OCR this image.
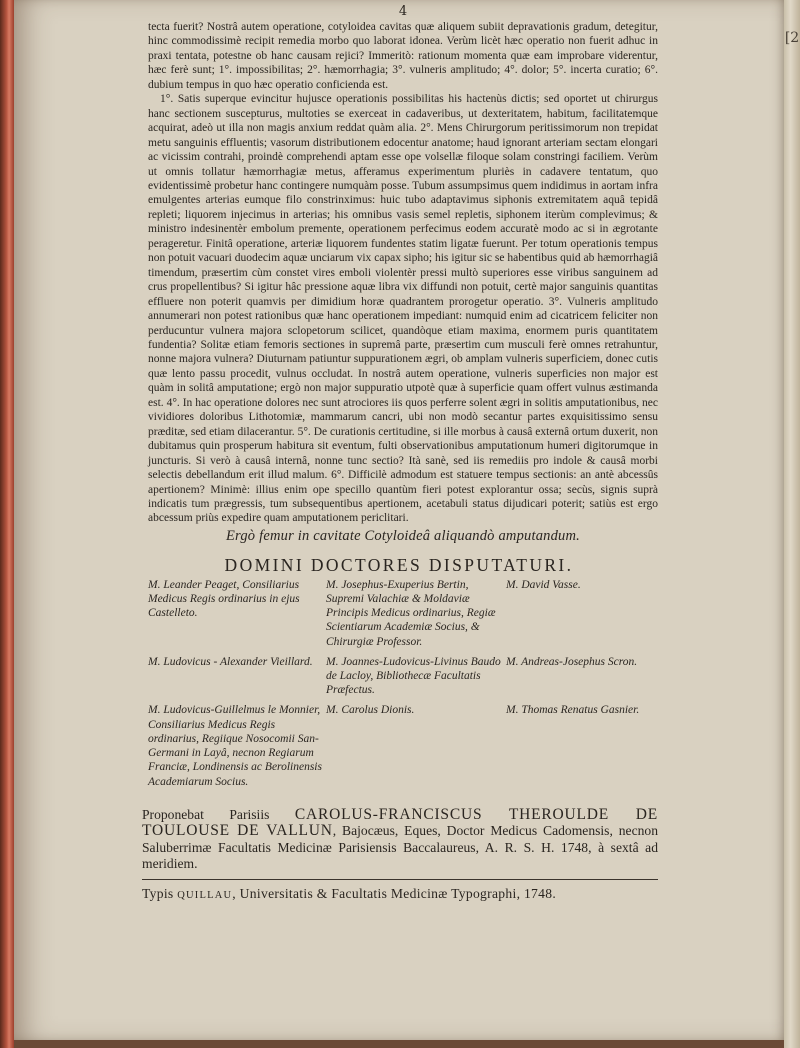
[2
4

tecta fuerit? Nostrâ autem operatione, cotyloidea cavitas quæ aliquem subiit depravationis gradum, detegitur, hinc commodissimè recipit remedia morbo quo laborat idonea. Verùm licèt hæc operatio non fuerit adhuc in praxi tentata, potestne ob hanc causam rejici? Immeritò: rationum momenta quæ eam improbare viderentur, hæc ferè sunt; 1°. impossibilitas; 2°. hæmorrhagia; 3°. vulneris amplitudo; 4°. dolor; 5°. incerta curatio; 6°. dubium tempus in quo hæc operatio conficienda est.

1°. Satis superque evincitur hujusce operationis possibilitas his hactenùs dictis; sed oportet ut chirurgus hanc sectionem suscepturus, multoties se exerceat in cadaveribus, ut dexteritatem, habitum, facilitatemque acquirat, adeò ut illa non magis anxium reddat quàm alia. 2°. Mens Chirurgorum peritissimorum non trepidat metu sanguinis effluentis; vasorum distributionem edocentur anatome; haud ignorant arteriam sectam elongari ac vicissim contrahi, proindè comprehendi aptam esse ope volsellæ filoque solam constringi faciliem. Verùm ut omnis tollatur hæmorrhagiæ metus, afferamus experimentum pluriès in cadavere tentatum, quo evidentissimè probetur hanc contingere numquàm posse. Tubum assumpsimus quem indidimus in aortam infra emulgentes arterias eumque filo constrinximus: huic tubo adaptavimus siphonis extremitatem aquâ tepidâ repleti; liquorem injecimus in arterias; his omnibus vasis semel repletis, siphonem iterùm complevimus; & ministro indesinentèr embolum premente, operationem perfecimus eodem accuratè modo ac si in ægrotante perageretur. Finitâ operatione, arteriæ liquorem fundentes statim ligatæ fuerunt. Per totum operationis tempus non potuit vacuari duodecim aquæ unciarum vix capax sipho; his igitur sic se habentibus quid ab hæmorrhagiâ timendum, præsertim cùm constet vires emboli violentèr pressi multò superiores esse viribus sanguinem ad crus propellentibus? Si igitur hâc pressione aquæ libra vix diffundi non potuit, certè major sanguinis quantitas effluere non poterit quamvis per dimidium horæ quadrantem prorogetur operatio. 3°. Vulneris amplitudo annumerari non potest rationibus quæ hanc operationem impediant: numquid enim ad cicatricem feliciter non perducuntur vulnera majora sclopetorum scilicet, quandòque etiam maxima, enormem puris quantitatem fundentia? Solitæ etiam femoris sectiones in supremâ parte, præsertim cum musculi ferè omnes retrahuntur, nonne majora vulnera? Diuturnam patiuntur suppurationem ægri, ob amplam vulneris superficiem, donec cutis quæ lento passu procedit, vulnus occludat. In nostrâ autem operatione, vulneris superficies non major est quàm in solitâ amputatione; ergò non major suppuratio utpotè quæ à superficie quam offert vulnus æstimanda est. 4°. In hac operatione dolores nec sunt atrociores iis quos perferre solent ægri in solitis amputationibus, nec vividiores doloribus Lithotomiæ, mammarum cancri, ubi non modò secantur partes exquisitissimo sensu præditæ, sed etiam dilacerantur. 5°. De curationis certitudine, si ille morbus à causâ externâ ortum duxerit, non dubitamus quin prosperum habitura sit eventum, fulti observationibus amputationum humeri digitorumque in juncturis. Si verò à causâ internâ, nonne tunc sectio? Ità sanè, sed iis remediis pro indole & causâ morbi selectis debellandum erit illud malum. 6°. Difficilè admodum est statuere tempus sectionis: an antè abcessûs apertionem? Minimè: illius enim ope specillo quantùm fieri potest explorantur ossa; secùs, signis suprà indicatis tum prægressis, tum subsequentibus apertionem, acetabuli status dijudicari poterit; satiùs est ergo abcessum priùs expedire quam amputationem periclitari.

Ergò femur in cavitate Cotyloideâ aliquandò amputandum.
DOMINI DOCTORES DISPUTATURI.
M. Leander Peaget, Consiliarius Medicus Regis ordinarius in ejus Castelleto.
M. Josephus-Exuperius Bertin, Supremi Valachiæ & Moldaviæ Principis Medicus ordinarius, Regiæ Scientiarum Academiæ Socius, & Chirurgiæ Professor.
M. David Vasse.
M. Ludovicus - Alexander Vieillard.	M. Joannes-Ludovicus-Livinus Baudo de Lacloy, Bibliothecæ Facultatis Præfectus.
M. Andreas-Josephus Scron.
M. Ludovicus-Guillelmus le Monnier, Consiliarius Medicus Regis ordinarius, Regiique Nosocomii San-Germani in Layâ, necnon Regiarum Franciæ, Londinensis ac Berolinensis Academiarum Socius.
M. Carolus Dionis.	M. Thomas Renatus Gasnier.
Proponebat Parisiis CAROLUS-FRANCISCUS THEROULDE DE TOULOUSE DE VALLUN, Bajocæus, Eques, Doctor Medicus Cadomensis, necnon Saluberrimæ Facultatis Medicinæ Parisiensis Baccalaureus, A. R. S. H. 1748, à sextâ ad meridiem.
Typis QUILLAU, Universitatis & Facultatis Medicinæ Typographi, 1748.
